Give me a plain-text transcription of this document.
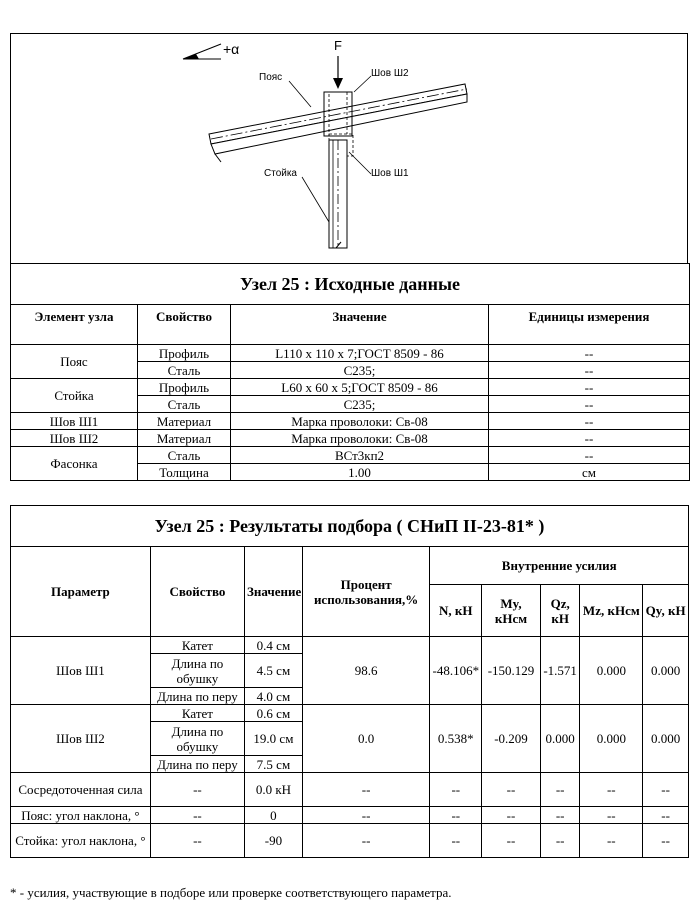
+α	F
Пояс	Шов Ш2
Стойка	Шов Ш1
Узел 25 : Исходные данные			
Элемент узла	Свойство	Значение	Единицы измерения
Пояс	Профиль	L110 x 110 x 7;ГОСТ 8509 - 86	--
	Сталь	C235;	--
Стойка	Профиль	L60 x 60 x 5;ГОСТ 8509 - 86	--
	Сталь	C235;	--
Шов Ш1	Материал	Марка проволоки: Св-08	--
Шов Ш2	Материал	Марка проволоки: Св-08	--
Фасонка	Сталь	ВСт3кп2	--
	Толщина	1.00	см
Узел 25 : Результаты подбора ( СНиП II-23-81* )								
Параметр	Свойство	Значение	Процент использования,%	Внутренние усилия				
				N, кН	My, кНсм	Qz, кН	Mz, кНсм	Qy, кН
Шов Ш1	Катет	0.4 см	98.6	-48.106*	-150.129	-1.571	0.000	0.000
	Длина по обушку	4.5 см						
	Длина по перу	4.0 см						
Шов Ш2	Катет	0.6 см	0.0	0.538*	-0.209	0.000	0.000	0.000
	Длина по обушку	19.0 см						
	Длина по перу	7.5 см						
Сосредоточенная сила	--	0.0 кН	--	--	--	--	--	--
Пояс: угол наклона, °	--	0	--	--	--	--	--	--
Стойка: угол наклона, °	--	-90	--	--	--	--	--	--
* - усилия, участвующие в подборе или проверке соответствующего параметра.
